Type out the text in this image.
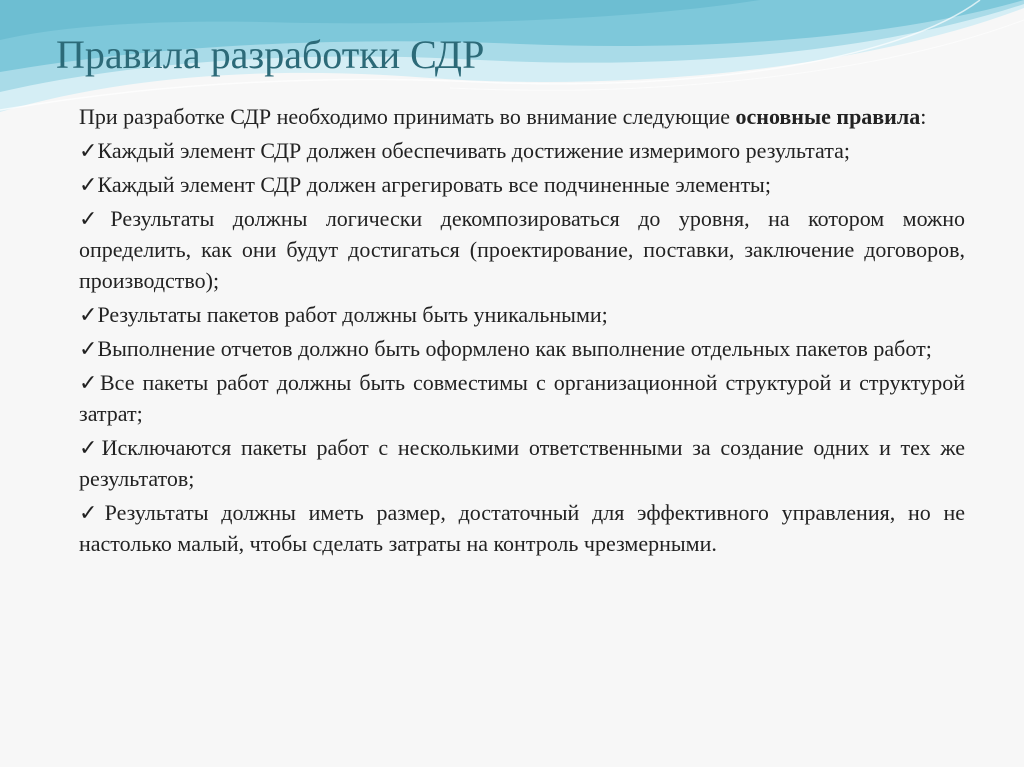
Правила разработки СДР

При разработке СДР необходимо принимать во внимание следующие основные правила:

✓Каждый элемент СДР должен обеспечивать достижение измеримого результата;
✓Каждый элемент СДР должен агрегировать все подчиненные элементы;
✓Результаты должны логически декомпозироваться до уровня, на котором можно определить, как они будут достигаться (проектирование, поставки, заключение договоров, производство);
✓Результаты пакетов работ должны быть уникальными;
✓Выполнение отчетов должно быть оформлено как выполнение отдельных пакетов работ;
✓Все пакеты работ должны быть совместимы с организационной структурой и структурой затрат;
✓Исключаются пакеты работ с несколькими ответственными за создание одних и тех же результатов;
✓Результаты должны иметь размер, достаточный для эффективного управления, но не настолько малый, чтобы сделать затраты на контроль чрезмерными.
